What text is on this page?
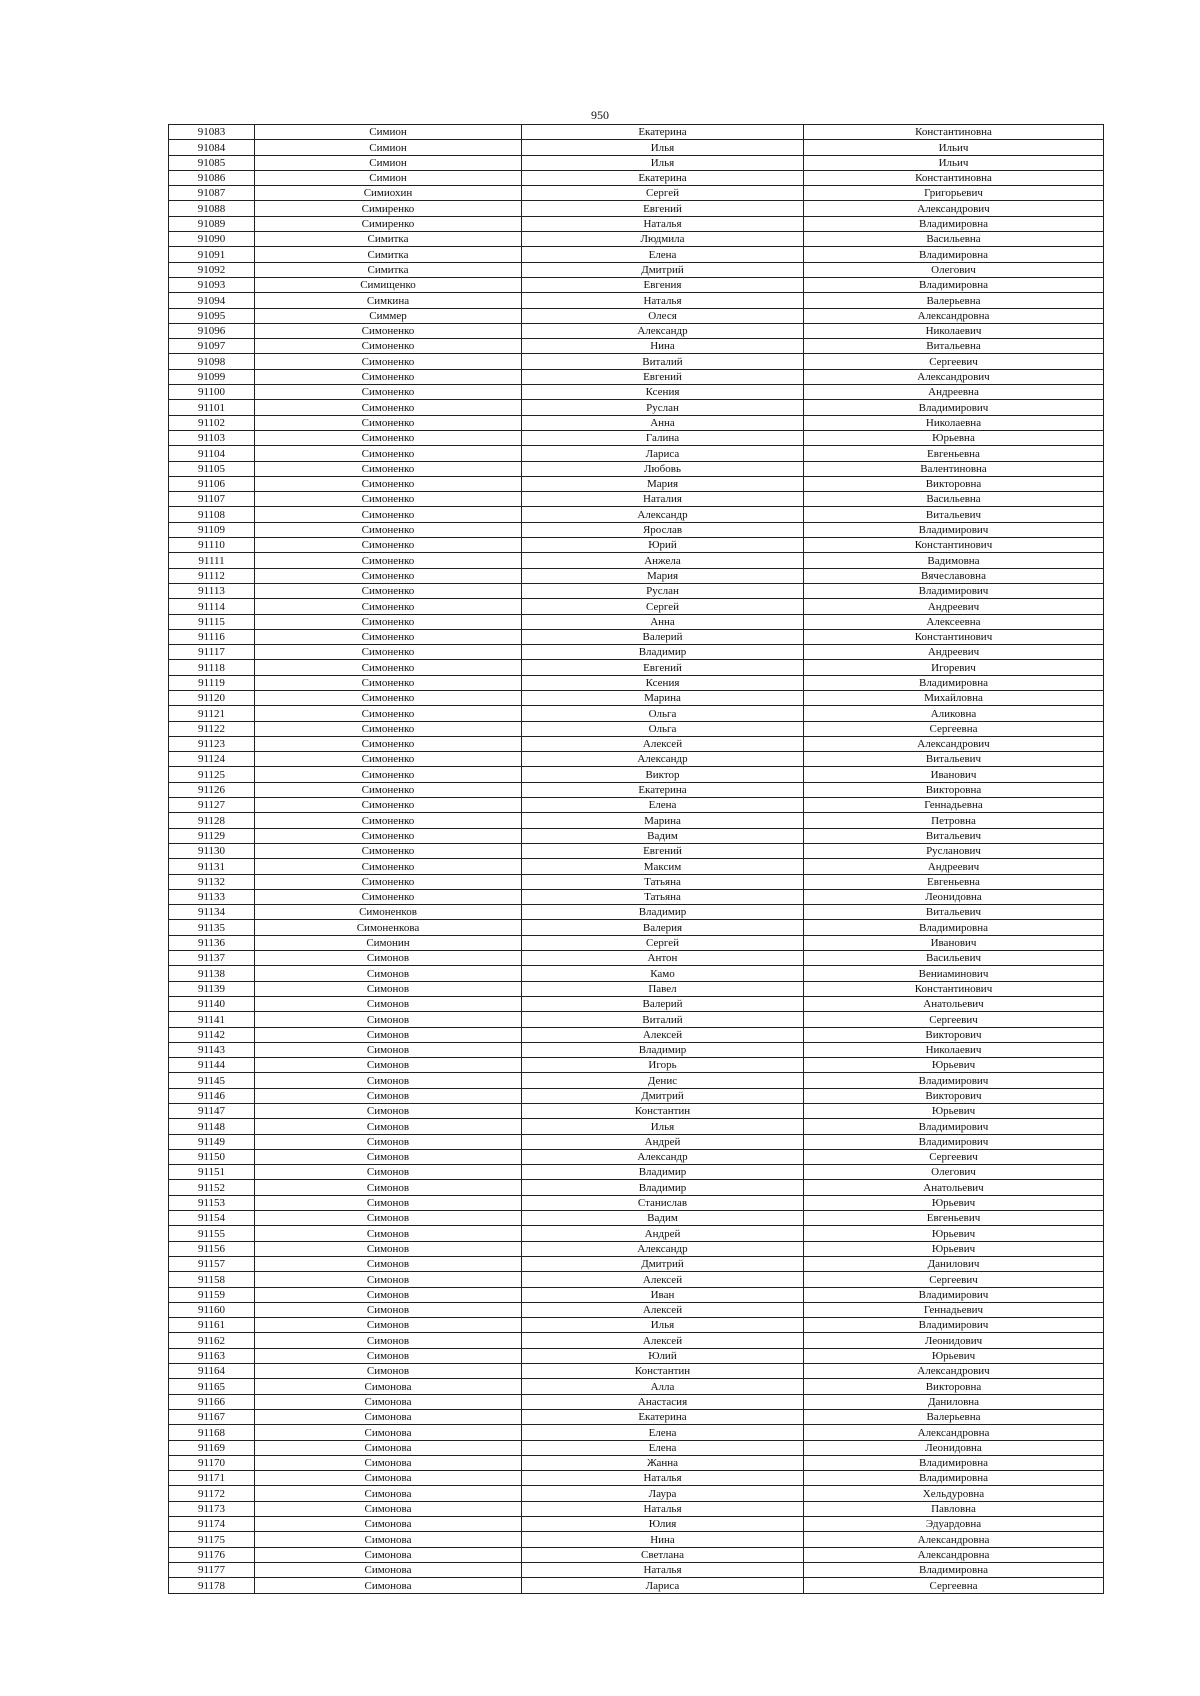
950
91083	Симион	Екатерина	Константиновна
91084	Симион	Илья	Ильич
91085	Симион	Илья	Ильич
91086	Симион	Екатерина	Константиновна
91087	Симиохин	Сергей	Григорьевич
91088	Симиренко	Евгений	Александрович
91089	Симиренко	Наталья	Владимировна
91090	Симитка	Людмила	Васильевна
91091	Симитка	Елена	Владимировна
91092	Симитка	Дмитрий	Олегович
91093	Симищенко	Евгения	Владимировна
91094	Симкина	Наталья	Валерьевна
91095	Симмер	Олеся	Александровна
91096	Симоненко	Александр	Николаевич
91097	Симоненко	Нина	Витальевна
91098	Симоненко	Виталий	Сергеевич
91099	Симоненко	Евгений	Александрович
91100	Симоненко	Ксения	Андреевна
91101	Симоненко	Руслан	Владимирович
91102	Симоненко	Анна	Николаевна
91103	Симоненко	Галина	Юрьевна
91104	Симоненко	Лариса	Евгеньевна
91105	Симоненко	Любовь	Валентиновна
91106	Симоненко	Мария	Викторовна
91107	Симоненко	Наталия	Васильевна
91108	Симоненко	Александр	Витальевич
91109	Симоненко	Ярослав	Владимирович
91110	Симоненко	Юрий	Константинович
91111	Симоненко	Анжела	Вадимовна
91112	Симоненко	Мария	Вячеславовна
91113	Симоненко	Руслан	Владимирович
91114	Симоненко	Сергей	Андреевич
91115	Симоненко	Анна	Алексеевна
91116	Симоненко	Валерий	Константинович
91117	Симоненко	Владимир	Андреевич
91118	Симоненко	Евгений	Игоревич
91119	Симоненко	Ксения	Владимировна
91120	Симоненко	Марина	Михайловна
91121	Симоненко	Ольга	Аликовна
91122	Симоненко	Ольга	Сергеевна
91123	Симоненко	Алексей	Александрович
91124	Симоненко	Александр	Витальевич
91125	Симоненко	Виктор	Иванович
91126	Симоненко	Екатерина	Викторовна
91127	Симоненко	Елена	Геннадьевна
91128	Симоненко	Марина	Петровна
91129	Симоненко	Вадим	Витальевич
91130	Симоненко	Евгений	Русланович
91131	Симоненко	Максим	Андреевич
91132	Симоненко	Татьяна	Евгеньевна
91133	Симоненко	Татьяна	Леонидовна
91134	Симоненков	Владимир	Витальевич
91135	Симоненкова	Валерия	Владимировна
91136	Симонин	Сергей	Иванович
91137	Симонов	Антон	Васильевич
91138	Симонов	Камо	Вениаминович
91139	Симонов	Павел	Константинович
91140	Симонов	Валерий	Анатольевич
91141	Симонов	Виталий	Сергеевич
91142	Симонов	Алексей	Викторович
91143	Симонов	Владимир	Николаевич
91144	Симонов	Игорь	Юрьевич
91145	Симонов	Денис	Владимирович
91146	Симонов	Дмитрий	Викторович
91147	Симонов	Константин	Юрьевич
91148	Симонов	Илья	Владимирович
91149	Симонов	Андрей	Владимирович
91150	Симонов	Александр	Сергеевич
91151	Симонов	Владимир	Олегович
91152	Симонов	Владимир	Анатольевич
91153	Симонов	Станислав	Юрьевич
91154	Симонов	Вадим	Евгеньевич
91155	Симонов	Андрей	Юрьевич
91156	Симонов	Александр	Юрьевич
91157	Симонов	Дмитрий	Данилович
91158	Симонов	Алексей	Сергеевич
91159	Симонов	Иван	Владимирович
91160	Симонов	Алексей	Геннадьевич
91161	Симонов	Илья	Владимирович
91162	Симонов	Алексей	Леонидович
91163	Симонов	Юлий	Юрьевич
91164	Симонов	Константин	Александрович
91165	Симонова	Алла	Викторовна
91166	Симонова	Анастасия	Даниловна
91167	Симонова	Екатерина	Валерьевна
91168	Симонова	Елена	Александровна
91169	Симонова	Елена	Леонидовна
91170	Симонова	Жанна	Владимировна
91171	Симонова	Наталья	Владимировна
91172	Симонова	Лаура	Хельдуровна
91173	Симонова	Наталья	Павловна
91174	Симонова	Юлия	Эдуардовна
91175	Симонова	Нина	Александровна
91176	Симонова	Светлана	Александровна
91177	Симонова	Наталья	Владимировна
91178	Симонова	Лариса	Сергеевна
